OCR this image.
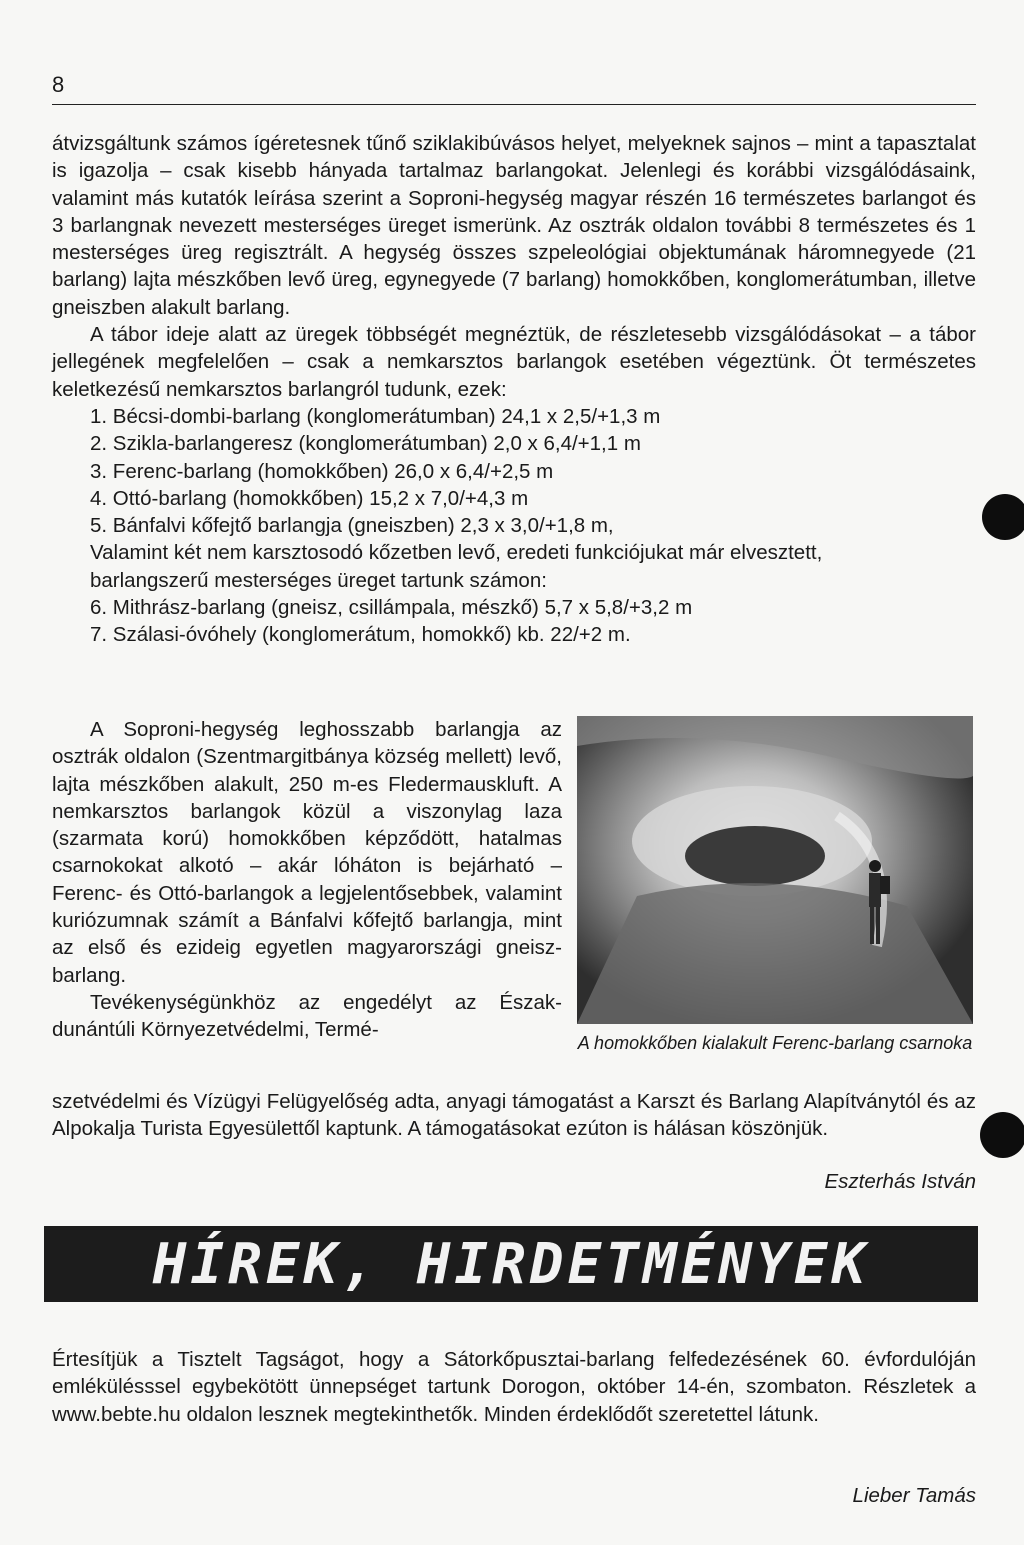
8

átvizsgáltunk számos ígéretesnek tűnő sziklakibúvásos helyet, melyeknek sajnos – mint a tapasztalat is igazolja – csak kisebb hányada tartalmaz barlangokat. Jelenlegi és korábbi vizsgálódásaink, valamint más kutatók leírása szerint a Soproni-hegység magyar részén 16 természetes barlangot és 3 barlangnak nevezett mesterséges üreget ismerünk. Az osztrák oldalon további 8 természetes és 1 mesterséges üreg regisztrált. A hegység összes szpeleológiai objektumának háromnegyede (21 barlang) lajta mészkőben levő üreg, egynegyede (7 barlang) homokkőben, konglomerátumban, illetve gneiszben alakult barlang.

A tábor ideje alatt az üregek többségét megnéztük, de részletesebb vizsgálódásokat – a tábor jellegének megfelelően – csak a nemkarsztos barlangok esetében végeztünk. Öt természetes keletkezésű nemkarsztos barlangról tudunk, ezek:

1. Bécsi-dombi-barlang (konglomerátumban) 24,1 x 2,5/+1,3 m
2. Szikla-barlangeresz (konglomerátumban) 2,0 x 6,4/+1,1 m
3. Ferenc-barlang (homokkőben) 26,0 x 6,4/+2,5 m
4. Ottó-barlang (homokkőben) 15,2 x 7,0/+4,3 m
5. Bánfalvi kőfejtő barlangja (gneiszben) 2,3 x 3,0/+1,8 m,
Valamint két nem karsztosodó kőzetben levő, eredeti funkciójukat már elvesztett,
barlangszerű mesterséges üreget tartunk számon:
6. Mithrász-barlang (gneisz, csillámpala, mészkő) 5,7 x 5,8/+3,2 m
7. Szálasi-óvóhely (konglomerátum, homokkő) kb. 22/+2 m.

A Soproni-hegység leghosszabb barlangja az osztrák oldalon (Szentmargitbánya község mellett) levő, lajta mészkőben alakult, 250 m-es Fledermauskluft. A nemkarsztos barlangok közül a viszonylag laza (szarmata korú) homokkőben képződött, hatalmas csarnokokat alkotó – akár lóháton is bejárható – Ferenc- és Ottó-barlangok a legjelentősebbek, valamint kuriózumnak számít a Bánfalvi kőfejtő barlangja, mint az első és ezideig egyetlen magyarországi gneisz-barlang.

Tevékenységünkhöz az engedélyt az Észak-dunántúli Környezetvédelmi, Termé-

A homokkőben kialakult Ferenc-barlang csarnoka

szetvédelmi és Vízügyi Felügyelőség adta, anyagi támogatást a Karszt és Barlang Alapítványtól és az Alpokalja Turista Egyesülettől kaptunk. A támogatásokat ezúton is hálásan köszönjük.

Eszterhás István
HÍREK, HIRDETMÉNYEK
Értesítjük a Tisztelt Tagságot, hogy a Sátorkőpusztai-barlang felfedezésének 60. évfordulóján emlékülésssel egybekötött ünnepséget tartunk Dorogon, október 14-én, szombaton. Részletek a www.bebte.hu oldalon lesznek megtekinthetők. Minden érdeklődőt szeretettel látunk.
Lieber Tamás
